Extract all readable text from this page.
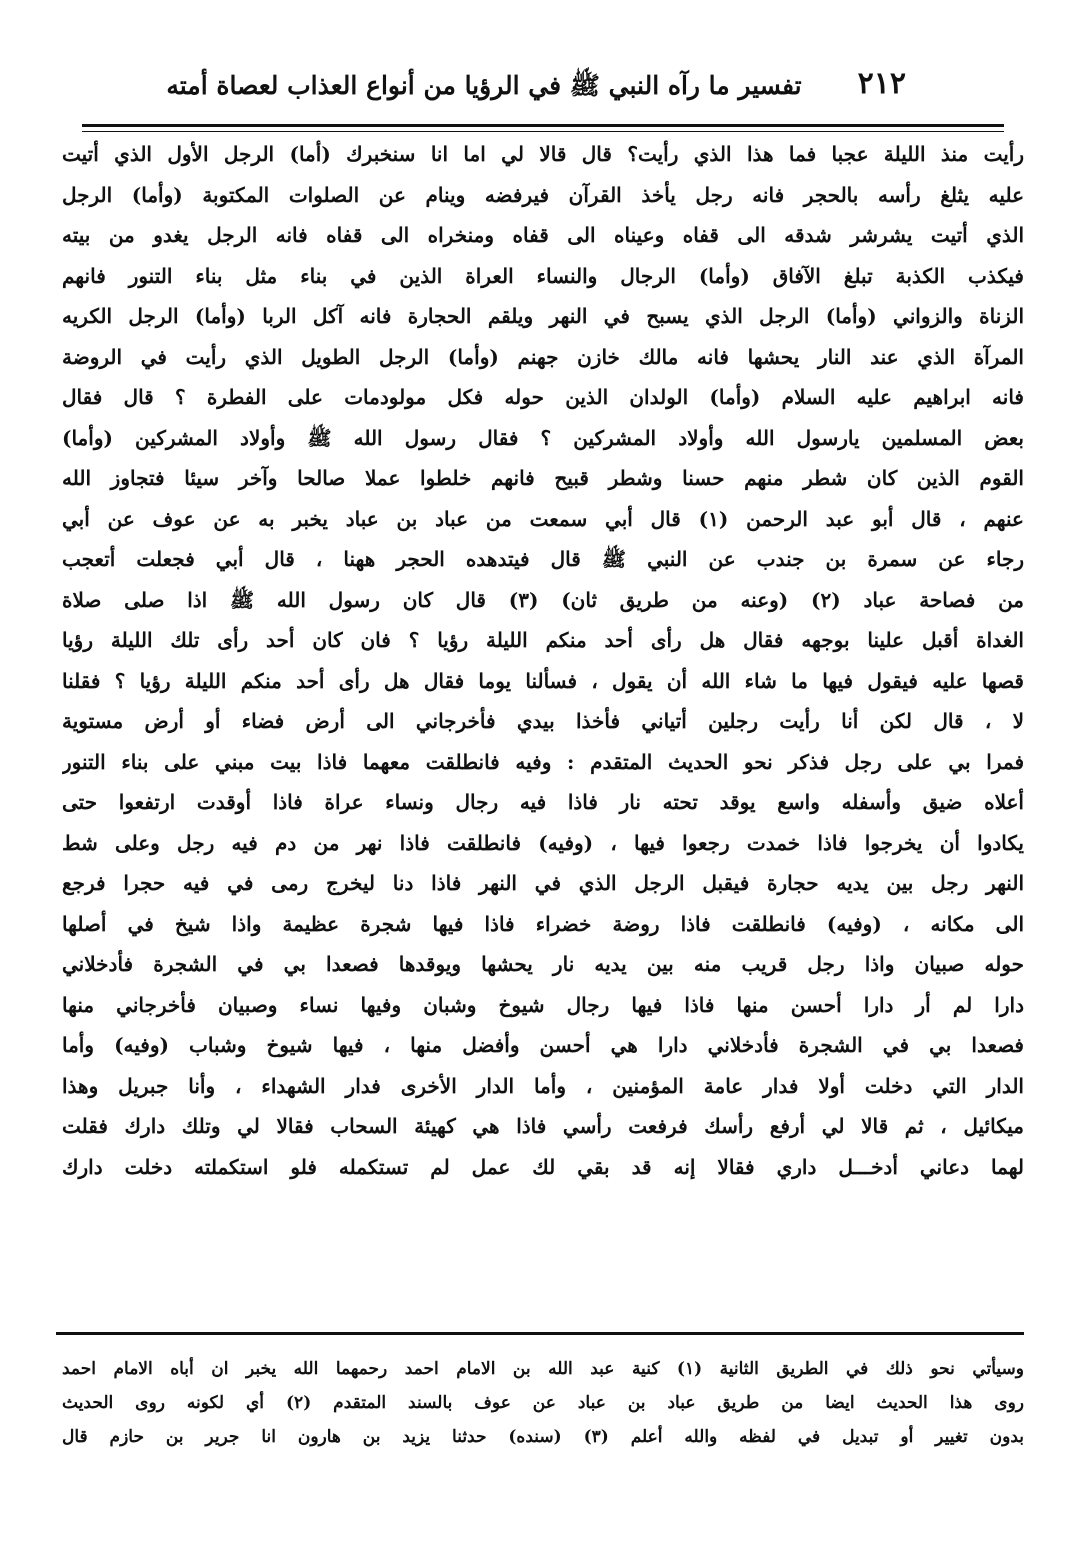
٢١٢
تفسير ما رآه النبي ﷺ في الرؤيا من أنواع العذاب لعصاة أمته
رأيت منذ الليلة عجبا فما هذا الذي رأيت؟ قال قالا لي اما انا سنخبرك (أما) الرجل الأول الذي أتيت
عليه يثلغ رأسه بالحجر فانه رجل يأخذ القرآن فيرفضه وينام عن الصلوات المكتوبة (وأما) الرجل
الذي أتيت يشرشر شدقه الى قفاه وعيناه الى قفاه ومنخراه الى قفاه فانه الرجل يغدو من بيته
فيكذب الكذبة تبلغ الآفاق (وأما) الرجال والنساء العراة الذين في بناء مثل بناء التنور فانهم
الزناة والزواني (وأما) الرجل الذي يسبح في النهر ويلقم الحجارة فانه آكل الربا (وأما) الرجل الكريه
المرآة الذي عند النار يحشها فانه مالك خازن جهنم (وأما) الرجل الطويل الذي رأيت في الروضة
فانه ابراهيم عليه السلام (وأما) الولدان الذين حوله فكل مولودمات على الفطرة ؟ قال فقال
بعض المسلمين يارسول الله وأولاد المشركين ؟ فقال رسول الله ﷺ وأولاد المشركين (وأما)
القوم الذين كان شطر منهم حسنا وشطر قبيح فانهم خلطوا عملا صالحا وآخر سيئا فتجاوز الله
عنهم ، قال أبو عبد الرحمن (١) قال أبي سمعت من عباد بن عباد يخبر به عن عوف عن أبي
رجاء عن سمرة بن جندب عن النبي ﷺ قال فيتدهده الحجر ههنا ، قال أبي فجعلت أتعجب
من فصاحة عباد (٢) (وعنه من طريق ثان) (٣) قال كان رسول الله ﷺ اذا صلى صلاة
الغداة أقبل علينا بوجهه فقال هل رأى أحد منكم الليلة رؤيا ؟ فان كان أحد رأى تلك الليلة رؤيا
قصها عليه فيقول فيها ما شاء الله أن يقول ، فسألنا يوما فقال هل رأى أحد منكم الليلة رؤيا ؟ فقلنا
لا ، قال لكن أنا رأيت رجلين أتياني فأخذا بيدي فأخرجاني الى أرض فضاء أو أرض مستوية
فمرا بي على رجل فذكر نحو الحديث المتقدم : وفيه فانطلقت معهما فاذا بيت مبني على بناء التنور
أعلاه ضيق وأسفله واسع يوقد تحته نار فاذا فيه رجال ونساء عراة فاذا أوقدت ارتفعوا حتى
يكادوا أن يخرجوا فاذا خمدت رجعوا فيها ، (وفيه) فانطلقت فاذا نهر من دم فيه رجل وعلى شط
النهر رجل بين يديه حجارة فيقبل الرجل الذي في النهر فاذا دنا ليخرج رمى في فيه حجرا فرجع
الى مكانه ، (وفيه) فانطلقت فاذا روضة خضراء فاذا فيها شجرة عظيمة واذا شيخ في أصلها
حوله صبيان واذا رجل قريب منه بين يديه نار يحشها ويوقدها فصعدا بي في الشجرة فأدخلاني
دارا لم أر دارا أحسن منها فاذا فيها رجال شيوخ وشبان وفيها نساء وصبيان فأخرجاني منها
فصعدا بي في الشجرة فأدخلاني دارا هي أحسن وأفضل منها ، فيها شيوخ وشباب (وفيه) وأما
الدار التي دخلت أولا فدار عامة المؤمنين ، وأما الدار الأخرى فدار الشهداء ، وأنا جبريل وهذا
ميكائيل ، ثم قالا لي أرفع رأسك فرفعت رأسي فاذا هي كهيئة السحاب فقالا لي وتلك دارك فقلت
لهما دعاني أدخـــل داري فقالا إنه قد بقي لك عمل لم تستكمله فلو استكملته دخلت دارك
وسيأتي نحو ذلك في الطريق الثانية (١) كنية عبد الله بن الامام احمد رحمهما الله يخبر ان أباه الامام احمد
روى هذا الحديث ايضا من طريق عباد بن عباد عن عوف بالسند المتقدم (٢) أي لكونه روى الحديث
بدون تغيير أو تبديل في لفظه والله أعلم (٣) (سنده) حدثنا يزيد بن هارون انا جرير بن حازم قال
